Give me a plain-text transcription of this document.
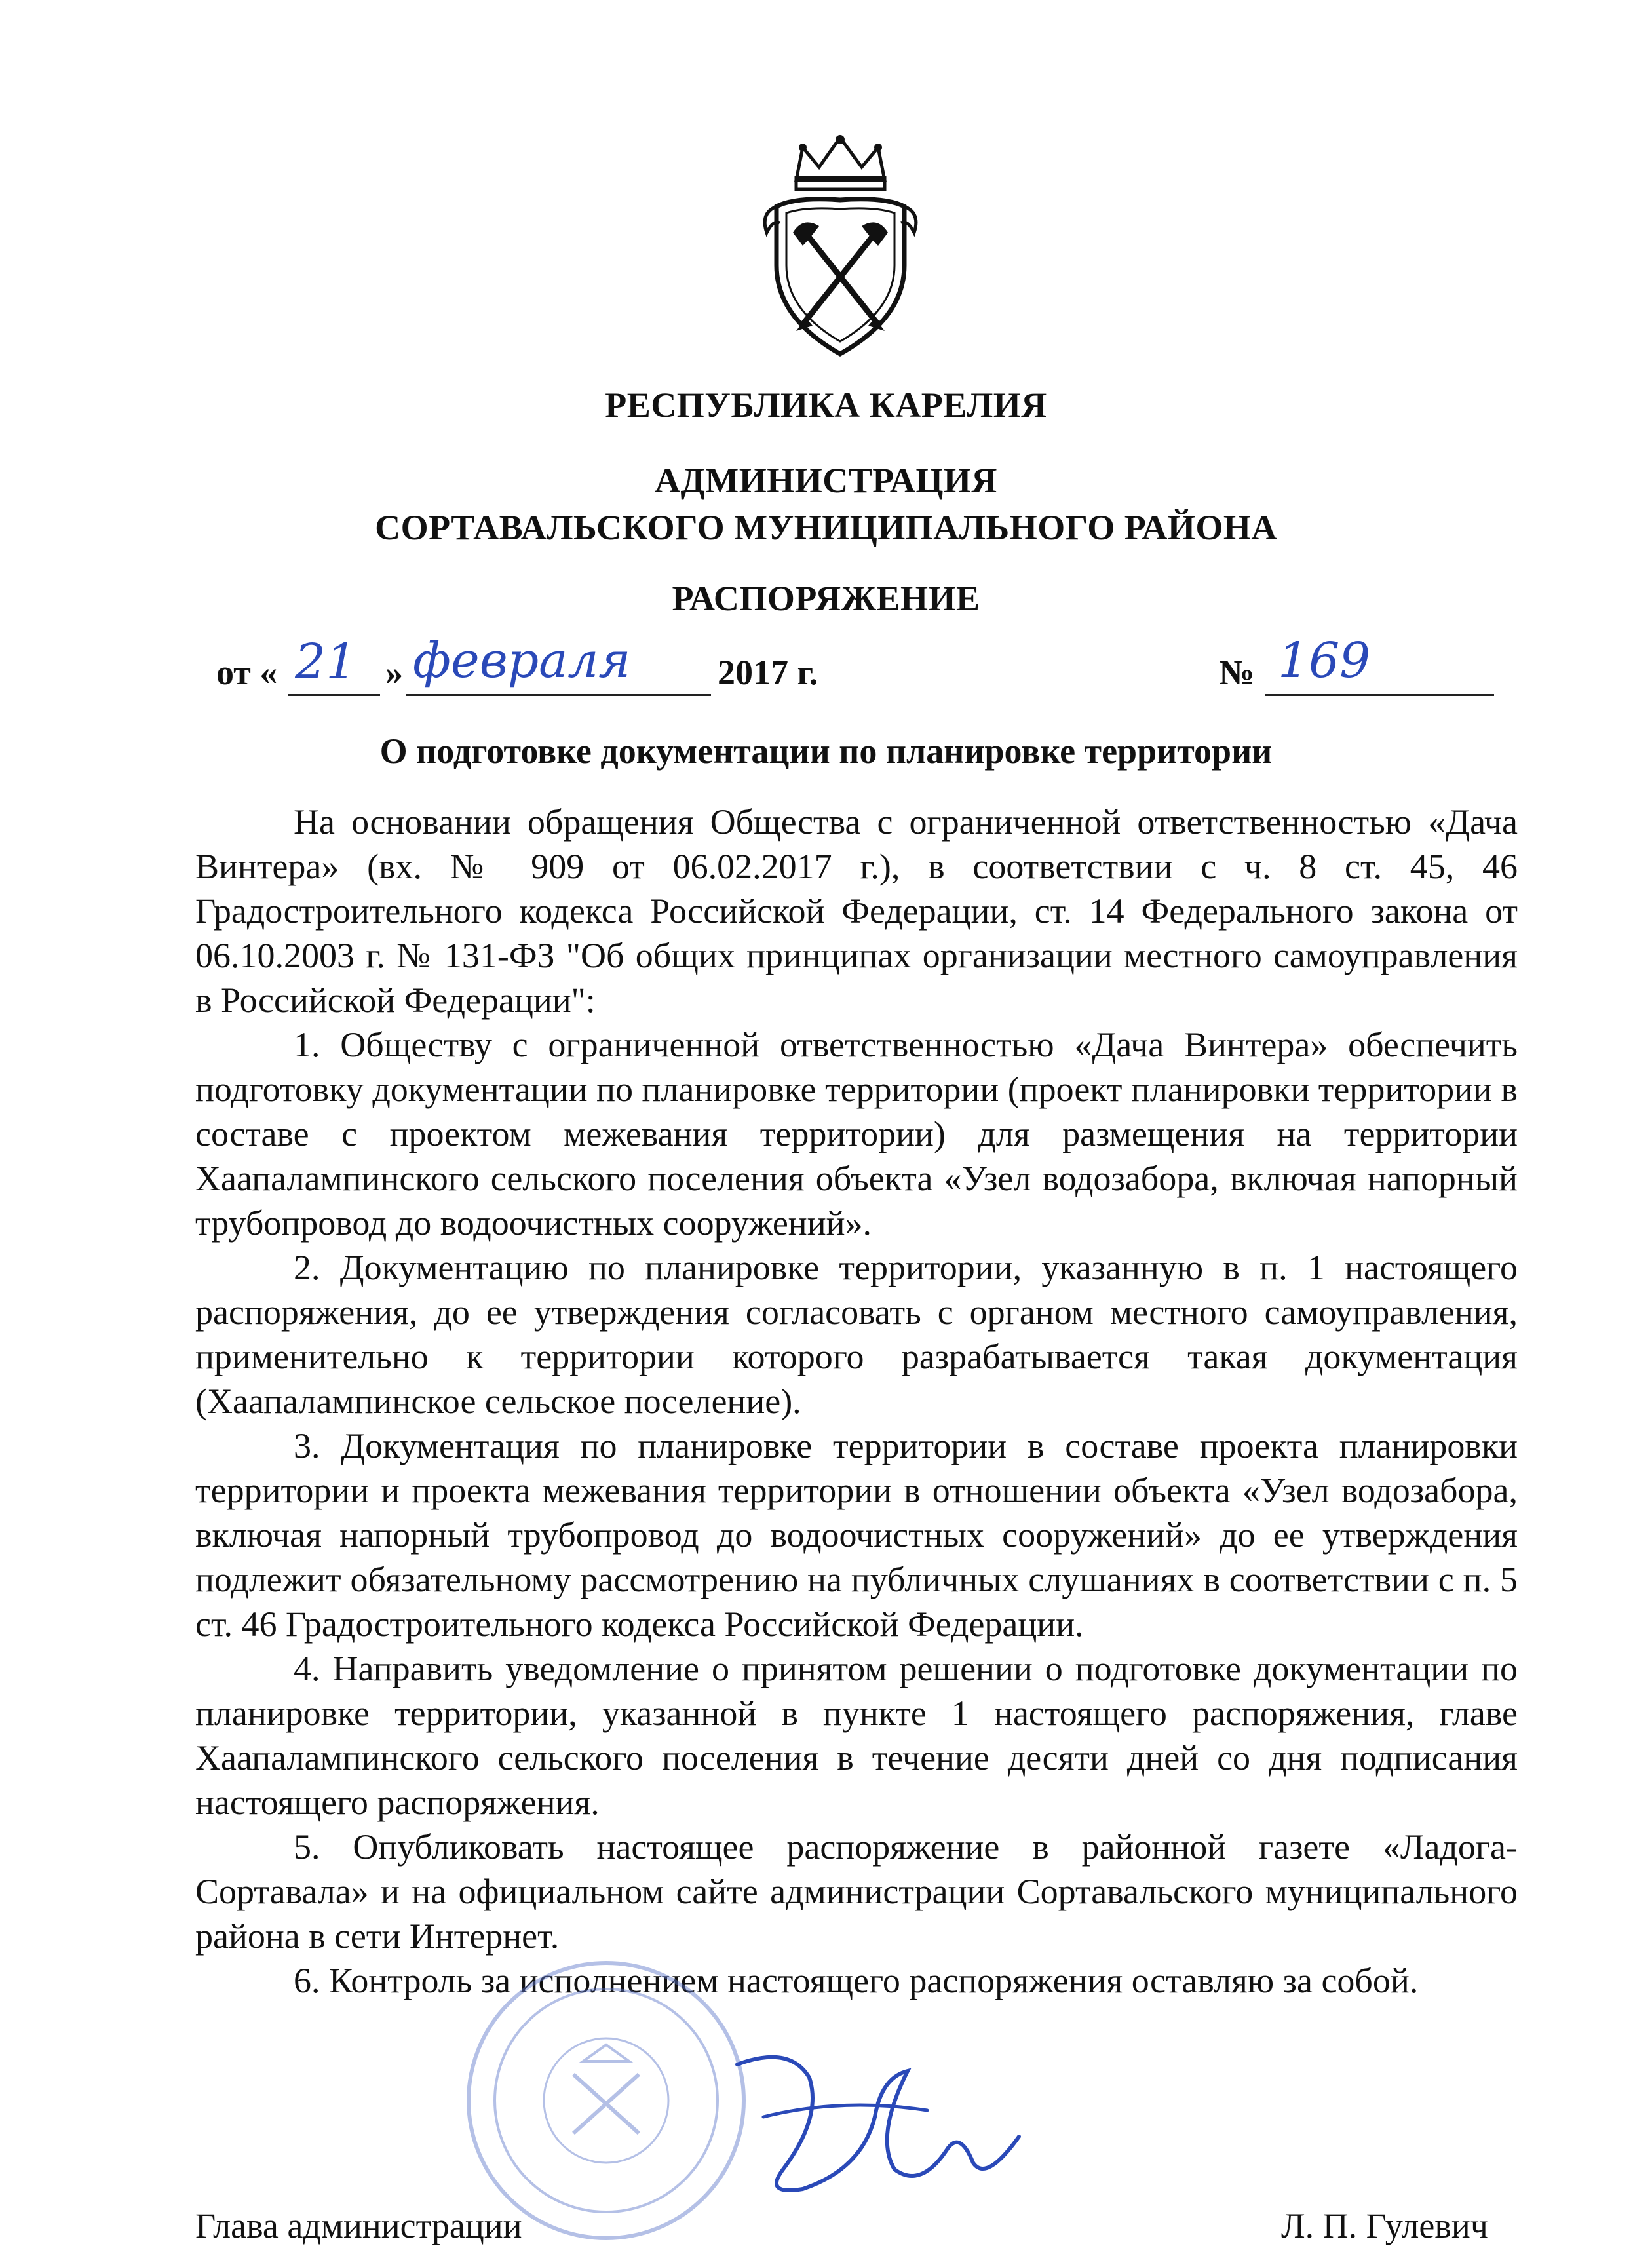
РЕСПУБЛИКА КАРЕЛИЯ
АДМИНИСТРАЦИЯ
СОРТАВАЛЬСКОГО МУНИЦИПАЛЬНОГО РАЙОНА
РАСПОРЯЖЕНИЕ
от « 21 » февраля 2017 г.	№ 169
О подготовке документации по планировке территории

На основании обращения Общества с ограниченной ответственностью «Дача Винтера» (вх. № 909 от 06.02.2017 г.), в соответствии с ч. 8 ст. 45, 46 Градостроительного кодекса Российской Федерации, ст. 14 Федерального закона от 06.10.2003 г. № 131-ФЗ "Об общих принципах организации местного самоуправления в Российской Федерации":

1. Обществу с ограниченной ответственностью «Дача Винтера» обеспечить подготовку документации по планировке территории (проект планировки территории в составе с проектом межевания территории) для размещения на территории Хаапалампинского сельского поселения объекта «Узел водозабора, включая напорный трубопровод до водоочистных сооружений».

2. Документацию по планировке территории, указанную в п. 1 настоящего распоряжения, до ее утверждения согласовать с органом местного самоуправления, применительно к территории которого разрабатывается такая документация (Хаапалампинское сельское поселение).

3. Документация по планировке территории в составе проекта планировки территории и проекта межевания территории в отношении объекта «Узел водозабора, включая напорный трубопровод до водоочистных сооружений» до ее утверждения подлежит обязательному рассмотрению на публичных слушаниях в соответствии с п. 5 ст. 46 Градостроительного кодекса Российской Федерации.

4. Направить уведомление о принятом решении о подготовке документации по планировке территории, указанной в пункте 1 настоящего распоряжения, главе Хаапалампинского сельского поселения в течение десяти дней со дня подписания настоящего распоряжения.

5. Опубликовать настоящее распоряжение в районной газете «Ладога-Сортавала» и на официальном сайте администрации Сортавальского муниципального района в сети Интернет.

6. Контроль за исполнением настоящего распоряжения оставляю за собой.

Глава администрации	Л. П. Гулевич
